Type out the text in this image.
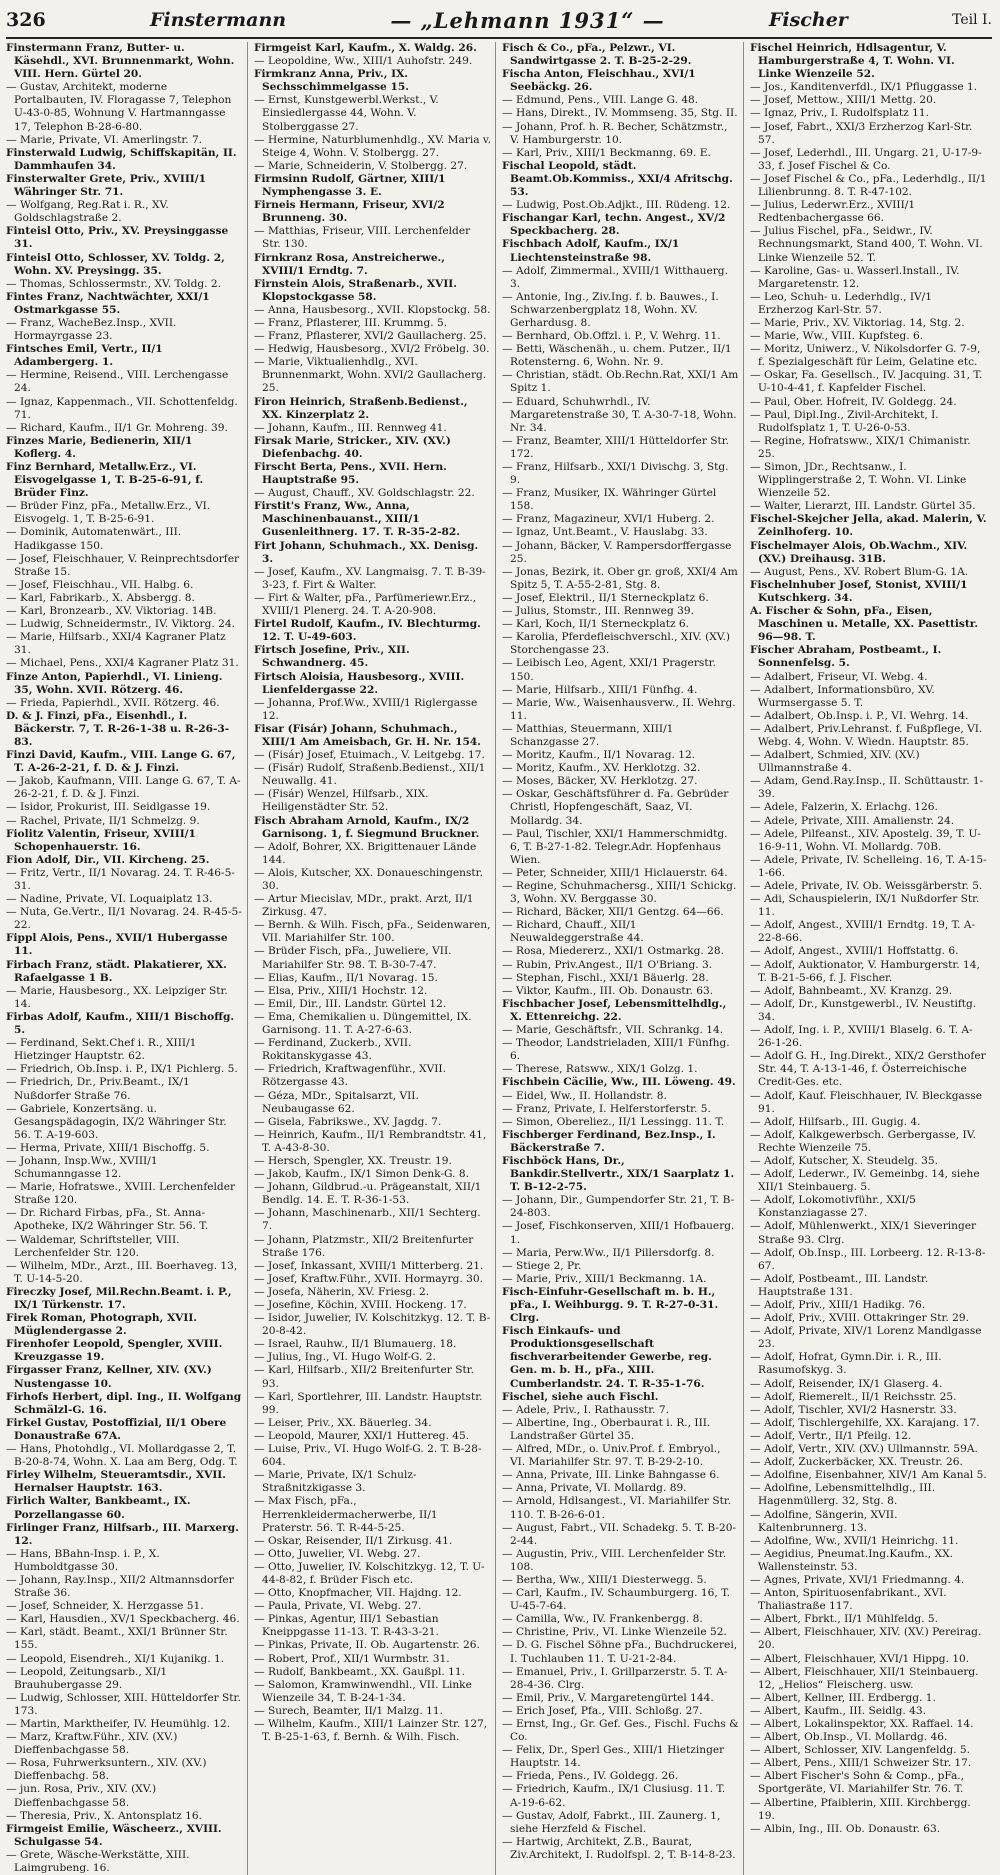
326	Finstermann	— „Lehmann 1931“ —	Fischer	Teil I.

Finstermann Franz, Butter- u. Käsehdl., XVI. Brunnenmarkt, Wohn. VIII. Hern. Gürtel 20.

— Gustav, Architekt, moderne Portalbauten, IV. Floragasse 7, Telephon U-43-0-85, Wohnung V. Hartmanngasse 17, Telephon B-28-6-80.

— Marie, Private, VI. Amerlingstr. 7.

Finsterwald Ludwig, Schiffskapitän, II. Dammhaufen 34.

Finsterwalter Grete, Priv., XVIII/1 Währinger Str. 71.

— Wolfgang, Reg.Rat i. R., XV. Goldschlagstraße 2.

Finteisl Otto, Priv., XV. Preysinggasse 31.

Finteisl Otto, Schlosser, XV. Toldg. 2, Wohn. XV. Preysingg. 35.

— Thomas, Schlossermstr., XV. Toldg. 2.

Fintes Franz, Nachtwächter, XXI/1 Ostmarkgasse 55.

— Franz, WacheBez.Insp., XVII. Hormayrgasse 23.

Fintsches Emil, Vertr., II/1 Adambergerg. 1.

— Hermine, Reisend., VIII. Lerchengasse 24.

— Ignaz, Kappenmach., VII. Schottenfeldg. 71.

— Richard, Kaufm., II/1 Gr. Mohreng. 39.

Finzes Marie, Bedienerin, XII/1 Koflerg. 4.

Finz Bernhard, Metallw.Erz., VI. Eisvogelgasse 1, T. B-25-6-91, f. Brüder Finz.

— Brüder Finz, pFa., Metallw.Erz., VI. Eisvogelg. 1, T. B-25-6-91.

— Dominik, Automatenwärt., III. Hadikgasse 150.

— Josef, Fleischhauer, V. Reinprechtsdorfer Straße 15.

— Josef, Fleischhau., VII. Halbg. 6.

— Karl, Fabrikarb., X. Absbergg. 8.

— Karl, Bronzearb., XV. Viktoriag. 14B.

— Ludwig, Schneidermstr., IV. Viktorg. 24.

— Marie, Hilfsarb., XXI/4 Kagraner Platz 31.

— Michael, Pens., XXI/4 Kagraner Platz 31.

Finze Anton, Papierhdl., VI. Linieng. 35, Wohn. XVII. Rötzerg. 46.

— Frieda, Papierhdl., XVII. Rötzerg. 46.

D. & J. Finzi, pFa., Eisenhdl., I. Bäckerstr. 7, T. R-26-1-38 u. R-26-3-83.

Finzi David, Kaufm., VIII. Lange G. 67, T. A-26-2-21, f. D. & J. Finzi.

— Jakob, Kaufmann, VIII. Lange G. 67, T. A-26-2-21, f. D. & J. Finzi.

— Isidor, Prokurist, III. Seidlgasse 19.

— Rachel, Private, II/1 Schmelzg. 9.

Fiolitz Valentin, Friseur, XVIII/1 Schopenhauerstr. 16.

Fion Adolf, Dir., VII. Kircheng. 25.

— Fritz, Vertr., II/1 Novarag. 24. T. R-46-5-31.

— Nadine, Private, VI. Loquaiplatz 13.

— Nuta, Ge.Vertr., II/1 Novarag. 24. R-45-5-22.

Fippl Alois, Pens., XVII/1 Hubergasse 11.

Firbach Franz, städt. Plakatierer, XX. Rafaelgasse 1 B.

— Marie, Hausbesorg., XX. Leipziger Str. 14.

Firbas Adolf, Kaufm., XIII/1 Bischoffg. 5.

— Ferdinand, Sekt.Chef i. R., XIII/1 Hietzinger Hauptstr. 62.

— Friedrich, Ob.Insp. i. P., IX/1 Pichlerg. 5.

— Friedrich, Dr., Priv.Beamt., IX/1 Nußdorfer Straße 76.

— Gabriele, Konzertsäng. u. Gesangspädagogin, IX/2 Währinger Str. 56. T. A-19-603.

— Herma, Private, XIII/1 Bischoffg. 5.

— Johann, Insp.Ww., XVIII/1 Schumanngasse 12.

— Marie, Hofratswe., XVIII. Lerchenfelder Straße 120.

— Dr. Richard Firbas, pFa., St. Anna-Apotheke, IX/2 Währinger Str. 56. T.

— Waldemar, Schriftsteller, VIII. Lerchenfelder Str. 120.

— Wilhelm, MDr., Arzt., III. Boerhaveg. 13, T. U-14-5-20.

Fireczky Josef, Mil.Rechn.Beamt. i. P., IX/1 Türkenstr. 17.

Firek Roman, Photograph, XVII. Müglendergasse 2.

Firenhofer Leopold, Spengler, XVIII. Kreuzgasse 19.

Firgasser Franz, Kellner, XIV. (XV.) Nustengasse 10.

Firhofs Herbert, dipl. Ing., II. Wolfgang Schmälzl-G. 16.

Firkel Gustav, Postoffizial, II/1 Obere Donaustraße 67A.

— Hans, Photohdlg., VI. Mollardgasse 2, T. B-20-8-74, Wohn. X. Laa am Berg, Odg. T.

Firley Wilhelm, Steueramtsdir., XVII. Hernalser Hauptstr. 163.

Firlich Walter, Bankbeamt., IX. Porzellangasse 60.

Firlinger Franz, Hilfsarb., III. Marxerg. 12.

— Hans, BBahn-Insp. i. P., X. Humboldtgasse 30.

— Johann, Ray.Insp., XII/2 Altmannsdorfer Straße 36.

— Josef, Schneider, X. Herzgasse 51.

— Karl, Hausdien., XV/1 Speckbacherg. 46.

— Karl, städt. Beamt., XXI/1 Brünner Str. 155.

— Leopold, Eisendreh., XI/1 Kujanikg. 1.

— Leopold, Zeitungsarb., XI/1 Brauhubergasse 29.

— Ludwig, Schlosser, XIII. Hütteldorfer Str. 173.

— Martin, Marktheifer, IV. Heumühlg. 12.

— Marz, Kraftw.Führ., XIV. (XV.) Dieffenbachgasse 58.

— Rosa, Fuhrwerksuntern., XIV. (XV.) Dieffenbachg. 58.

— jun. Rosa, Priv., XIV. (XV.) Dieffenbachgasse 58.

— Theresia, Priv., X. Antonsplatz 16.

Firmgeist Emilie, Wäscheerz., XVIII. Schulgasse 54.

— Grete, Wäsche-Werkstätte, XIII. Laimgrubeng. 16.

Firmgeist Karl, Kaufm., X. Waldg. 26.

— Leopoldine, Ww., XIII/1 Auhofstr. 249.

Firmkranz Anna, Priv., IX. Sechsschimmelgasse 15.

— Ernst, Kunstgewerbl.Werkst., V. Einsiedlergasse 44, Wohn. V. Stolberggasse 27.

— Hermine, Naturblumenhdlg., XV. Maria v. Steige 4, Wohn. V. Stolbergg. 27.

— Marie, Schneiderin, V. Stolbergg. 27.

Firmsinn Rudolf, Gärtner, XIII/1 Nymphengasse 3. E.

Firneis Hermann, Friseur, XVI/2 Brunneng. 30.

— Matthias, Friseur, VIII. Lerchenfelder Str. 130.

Firnkranz Rosa, Anstreicherwe., XVIII/1 Erndtg. 7.

Firnstein Alois, Straßenarb., XVII. Klopstockgasse 58.

— Anna, Hausbesorg., XVII. Klopstockg. 58.

— Franz, Pflasterer, III. Krummg. 5.

— Franz, Pflasterer, XVI/2 Gaullacherg. 25.

— Hedwig, Hausbesorg., XVI/2 Fröbelg. 30.

— Marie, Viktualienhdlg., XVI. Brunnenmarkt, Wohn. XVI/2 Gaullacherg. 25.

Firon Heinrich, Straßenb.Bedienst., XX. Kinzerplatz 2.

— Johann, Kaufm., III. Rennweg 41.

Firsak Marie, Stricker., XIV. (XV.) Diefenbachg. 40.

Firscht Berta, Pens., XVII. Hern. Hauptstraße 95.

— August, Chauff., XV. Goldschlagstr. 22.

Firstit's Franz, Ww., Anna, Maschinenbauanst., XIII/1 Gusenleithnerg. 17. T. R-35-2-82.

Firt Johann, Schuhmach., XX. Denisg. 3.

— Josef, Kaufm., XV. Langmaisg. 7. T. B-39-3-23, f. Firt & Walter.

— Firt & Walter, pFa., Parfümeriewr.Erz., XVIII/1 Plenerg. 24. T. A-20-908.

Firtel Rudolf, Kaufm., IV. Blechturmg. 12. T. U-49-603.

Firtsch Josefine, Priv., XII. Schwandnerg. 45.

Firtsch Aloisia, Hausbesorg., XVIII. Lienfeldergasse 22.

— Johanna, Prof.Ww., XVIII/1 Riglergasse 12.

Fisar (Fisár) Johann, Schuhmach., XIII/1 Am Ameisbach, Gr. H. Nr. 154.

— (Fisár) Josef, Etuimach., V. Leitgebg. 17.

— (Fisár) Rudolf, Straßenb.Bedienst., XII/1 Neuwallg. 41.

— (Fisár) Wenzel, Hilfsarb., XIX. Heiligenstädter Str. 52.

Fisch Abraham Arnold, Kaufm., IX/2 Garnisong. 1, f. Siegmund Bruckner.

— Adolf, Bohrer, XX. Brigittenauer Lände 144.

— Alois, Kutscher, XX. Donaueschingenstr. 30.

— Artur Miecislav, MDr., prakt. Arzt, II/1 Zirkusg. 47.

— Bernh. & Wilh. Fisch, pFa., Seidenwaren, VII. Mariahilfer Str. 100.

— Brüder Fisch, pFa., Juweliere, VII. Mariahilfer Str. 98. T. B-30-7-47.

— Elias, Kaufm., II/1 Novarag. 15.

— Elsa, Priv., XIII/1 Hochstr. 12.

— Emil, Dir., III. Landstr. Gürtel 12.

— Ema, Chemikalien u. Düngemittel, IX. Garnisong. 11. T. A-27-6-63.

— Ferdinand, Zuckerb., XVII. Rokitanskygasse 43.

— Friedrich, Kraftwagenführ., XVII. Rötzergasse 43.

— Géza, MDr., Spitalsarzt, VII. Neubaugasse 62.

— Gisela, Fabrikswe., XV. Jagdg. 7.

— Heinrich, Kaufm., II/1 Rembrandtstr. 41, T. A-43-8-30.

— Hersch, Spengler, XX. Treustr. 19.

— Jakob, Kaufm., IX/1 Simon Denk-G. 8.

— Johann, Gildbrud.-u. Prägeanstalt, XII/1 Bendlg. 14. E. T. R-36-1-53.

— Johann, Maschinenarb., XII/1 Sechterg. 7.

— Johann, Platzmstr., XII/2 Breitenfurter Straße 176.

— Josef, Inkassant, XVIII/1 Mitterberg. 21.

— Josef, Kraftw.Führ., XVII. Hormayrg. 30.

— Josefa, Näherin, XV. Friesg. 2.

— Josefine, Köchin, XVIII. Hockeng. 17.

— Isidor, Juwelier, IV. Kolschitzkyg. 12. T. B-20-8-42.

— Israel, Rauhw., II/1 Blumauerg. 18.

— Julius, Ing., VI. Hugo Wolf-G. 2.

— Karl, Hilfsarb., XII/2 Breitenfurter Str. 93.

— Karl, Sportlehrer, III. Landstr. Hauptstr. 99.

— Leiser, Priv., XX. Bäuerleg. 34.

— Leopold, Maurer, XXI/1 Huttereg. 45.

— Luise, Priv., VI. Hugo Wolf-G. 2. T. B-28-604.

— Marie, Private, IX/1 Schulz-Straßnitzkigasse 3.

— Max Fisch, pFa., Herrenkleidermacherwerbe, II/1 Praterstr. 56. T. R-44-5-25.

— Oskar, Reisender, II/1 Zirkusg. 41.

— Otto, Juwelier, VI. Webg. 27.

— Otto, Juwelier, IV. Kolschitzkyg. 12, T. U-44-8-82, f. Brüder Fisch etc.

— Otto, Knopfmacher, VII. Hajdng. 12.

— Paula, Private, VI. Webg. 27.

— Pinkas, Agentur, III/1 Sebastian Kneippgasse 11-13. T. R-43-3-21.

— Pinkas, Private, II. Ob. Augartenstr. 26.

— Robert, Prof., XII/1 Wurmbstr. 31.

— Rudolf, Bankbeamt., XX. Gaußpl. 11.

— Salomon, Kramwinwendhl., VII. Linke Wienzeile 34, T. B-24-1-34.

— Surech, Beamter, II/1 Malzg. 11.

— Wilhelm, Kaufm., XIII/1 Lainzer Str. 127, T. B-25-1-63, f. Bernh. & Wilh. Fisch.

Fisch & Co., pFa., Pelzwr., VI. Sandwirtgasse 2. T. B-25-2-29.

Fischa Anton, Fleischhau., XVI/1 Seebäckg. 26.

— Edmund, Pens., VIII. Lange G. 48.

— Hans, Direkt., IV. Mommseng. 35, Stg. II.

— Johann, Prof. h. R. Becher, Schätzmstr., V. Hamburgerstr. 10.

— Karl, Priv., XIII/1 Beckmanng. 69. E.

Fischal Leopold, städt. Beamt.Ob.Kommiss., XXI/4 Afritschg. 53.

— Ludwig, Post.Ob.Adjkt., III. Rüdeng. 12.

Fischangar Karl, techn. Angest., XV/2 Speckbacherg. 28.

Fischbach Adolf, Kaufm., IX/1 Liechtensteinstraße 98.

— Adolf, Zimmermal., XVIII/1 Witthauerg. 3.

— Antonie, Ing., Ziv.Ing. f. b. Bauwes., I. Schwarzenbergplatz 18, Wohn. XV. Gerhardusg. 8.

— Bernhard, Ob.Offzl. i. P., V. Wehrg. 11.

— Betti, Wäschenäh., u. chem. Putzer., II/1 Rotensterng. 6, Wohn. Nr. 9.

— Christian, städt. Ob.Rechn.Rat, XXI/1 Am Spitz 1.

— Eduard, Schuhwrhdl., IV. Margaretenstraße 30, T. A-30-7-18, Wohn. Nr. 34.

— Franz, Beamter, XIII/1 Hütteldorfer Str. 172.

— Franz, Hilfsarb., XXI/1 Divischg. 3, Stg. 9.

— Franz, Musiker, IX. Währinger Gürtel 158.

— Franz, Magazineur, XVI/1 Huberg. 2.

— Ignaz, Unt.Beamt., V. Hauslabg. 33.

— Johann, Bäcker, V. Rampersdorffergasse 25.

— Jonas, Bezirk, it. Ober gr. groß, XXI/4 Am Spitz 5, T. A-55-2-81, Stg. 8.

— Josef, Elektril., II/1 Sterneckplatz 6.

— Julius, Stomstr., III. Rennweg 39.

— Karl, Koch, II/1 Sterneckplatz 6.

— Karolia, Pferdefleischverschl., XIV. (XV.) Storchengasse 23.

— Leibisch Leo, Agent, XXI/1 Pragerstr. 150.

— Marie, Hilfsarb., XIII/1 Fünfhg. 4.

— Marie, Ww., Waisenhausverw., II. Wehrg. 11.

— Matthias, Steuermann, XIII/1 Schanzgasse 27.

— Moritz, Kaufm., II/1 Novarag. 12.

— Moritz, Kaufm., XV. Herklotzg. 32.

— Moses, Bäcker, XV. Herklotzg. 27.

— Oskar, Geschäftsführer d. Fa. Gebrüder Christl, Hopfengeschäft, Saaz, VI. Mollardg. 34.

— Paul, Tischler, XXI/1 Hammerschmidtg. 6, T. B-27-1-82. Telegr.Adr. Hopfenhaus Wien.

— Peter, Schneider, XIII/1 Hiclauerstr. 64.

— Regine, Schuhmachersg., XIII/1 Schickg. 3, Wohn. XV. Berggasse 30.

— Richard, Bäcker, XII/1 Gentzg. 64—66.

— Richard, Chauff., XII/1 Neuwaldeggerstraße 44.

— Rosa, Miedererz., XXI/1 Ostmarkg. 28.

— Rubin, Priv.Angest., II/1 O'Briang. 3.

— Stephan, Fischl., XXI/1 Bäuerlg. 28.

— Viktor, Kaufm., III. Ob. Donaustr. 63.

Fischbacher Josef, Lebensmittelhdlg., X. Ettenreichg. 22.

— Marie, Geschäftsfr., VII. Schrankg. 14.

— Theodor, Landstrieladen, XIII/1 Fünfhg. 6.

— Therese, Ratsww., XIX/1 Golzg. 1.

Fischbein Cäcilie, Ww., III. Löweng. 49.

— Eidel, Ww., II. Hollandstr. 8.

— Franz, Private, I. Helferstorferstr. 5.

— Simon, Obereliez., II/1 Lessingg. 11. T.

Fischberger Ferdinand, Bez.Insp., I. Bäckerstraße 7.

Fischböck Hans, Dr., Bankdir.Stellvertr., XIX/1 Saarplatz 1. T. B-12-2-75.

— Johann, Dir., Gumpendorfer Str. 21, T. B-24-803.

— Josef, Fischkonserven, XIII/1 Hofbauerg. 1.

— Maria, Perw.Ww., II/1 Pillersdorfg. 8.

— Stiege 2, Pr.

— Marie, Priv., XIII/1 Beckmanng. 1A.

Fisch-Einfuhr-Gesellschaft m. b. H., pFa., I. Weihburgg. 9. T. R-27-0-31. Clrg.

Fisch Einkaufs- und Produktionsgesellschaft fischverarbeitender Gewerbe, reg. Gen. m. b. H., pFa., XIII. Cumberlandstr. 24. T. R-35-1-76.

Fischel, siehe auch Fischl.

— Adele, Priv., I. Rathausstr. 7.

— Albertine, Ing., Oberbaurat i. R., III. Landstraßer Gürtel 35.

— Alfred, MDr., o. Univ.Prof. f. Embryol., VI. Mariahilfer Str. 97. T. B-29-2-10.

— Anna, Private, III. Linke Bahngasse 6.

— Anna, Private, VI. Mollardg. 89.

— Arnold, Hdlsangest., VI. Mariahilfer Str. 110. T. B-26-6-01.

— August, Fabrt., VII. Schadekg. 5. T. B-20-2-44.

— Augustin, Priv., VIII. Lerchenfelder Str. 108.

— Bertha, Ww., XIII/1 Diesterwegg. 5.

— Carl, Kaufm., IV. Schaumburgerg. 16, T. U-45-7-64.

— Camilla, Ww., IV. Frankenbergg. 8.

— Christine, Priv., VI. Linke Wienzeile 52.

— D. G. Fischel Söhne pFa., Buchdruckerei, I. Tuchlauben 11. T. U-21-2-84.

— Emanuel, Priv., I. Grillparzerstr. 5. T. A-28-4-36. Clrg.

— Emil, Priv., V. Margaretengürtel 144.

— Erich Josef, Pfa., VIII. Schloßg. 27.

— Ernst, Ing., Gr. Gef. Ges., Fischl. Fuchs & Co.

— Felix, Dr., Sperl Ges., XIII/1 Hietzinger Hauptstr. 14.

— Frieda, Pens., IV. Goldegg. 26.

— Friedrich, Kaufm., IX/1 Clusiusg. 11. T. A-19-6-62.

— Gustav, Adolf, Fabrkt., III. Zaunerg. 1, siehe Herzfeld & Fischel.

— Hartwig, Architekt, Z.B., Baurat, Ziv.Architekt, I. Rudolfspl. 2, T. B-14-8-23.

Fischel Heinrich, Hdlsagentur, V. Hamburgerstraße 4, T. Wohn. VI. Linke Wienzeile 52.

— Jos., Kanditenverfdl., IX/1 Pfluggasse 1.

— Josef, Mettow., XIII/1 Mettg. 20.

— Ignaz, Priv., I. Rudolfsplatz 11.

— Josef, Fabrt., XXI/3 Erzherzog Karl-Str. 57.

— Josef, Lederhdl., III. Ungarg. 21, U-17-9-33, f. Josef Fischel & Co.

— Josef Fischel & Co., pFa., Lederhdlg., II/1 Lilienbrunng. 8. T. R-47-102.

— Julius, Lederwr.Erz., XVIII/1 Redtenbachergasse 66.

— Julius Fischel, pFa., Seidwr., IV. Rechnungsmarkt, Stand 400, T. Wohn. VI. Linke Wienzeile 52. T.

— Karoline, Gas- u. Wasserl.Install., IV. Margaretenstr. 12.

— Leo, Schuh- u. Lederhdlg., IV/1 Erzherzog Karl-Str. 57.

— Marie, Priv., XV. Viktoriag. 14, Stg. 2.

— Marie, Ww., VIII. Kupfsteg. 6.

— Moritz, Uniwerz., V. Nikolsdorfer G. 7-9, f. Spezialgeschäft für Leim, Gelatine etc.

— Oskar, Fa. Gesellsch., IV. Jacquing. 31, T. U-10-4-41, f. Kapfelder Fischel.

— Paul, Ober. Hofreit, IV. Goldegg. 24.

— Paul, Dipl.Ing., Zivil-Architekt, I. Rudolfsplatz 1, T. U-26-0-53.

— Regine, Hofratsww., XIX/1 Chimanistr. 25.

— Simon, JDr., Rechtsanw., I. Wipplingerstraße 2, T. Wohn. VI. Linke Wienzeile 52.

— Walter, Lierarzt, III. Landstr. Gürtel 35.

Fischel-Skejcher Jella, akad. Malerin, V. Zeinlhoferg. 10.

Fischelmayer Alois, Ob.Wachm., XIV. (XV.) Dreihausg. 31B.

— August, Pens., XV. Robert Blum-G. 1A.

Fischelnhuber Josef, Stonist, XVIII/1 Kutschkerg. 34.

A. Fischer & Sohn, pFa., Eisen, Maschinen u. Metalle, XX. Pasettistr. 96—98. T.

Fischer Abraham, Postbeamt., I. Sonnenfelsg. 5.

— Adalbert, Friseur, VI. Webg. 4.

— Adalbert, Informationsbüro, XV. Wurmsergasse 5. T.

— Adalbert, Ob.Insp. i. P., VI. Wehrg. 14.

— Adalbert, Priv.Lehranst. f. Fußpflege, VI. Webg. 4, Wohn. V. Wiedn. Hauptstr. 85.

— Adalbert, Schmied, XIV. (XV.) Ullmannstraße 4.

— Adam, Gend.Ray.Insp., II. Schüttaustr. 1-39.

— Adele, Falzerin, X. Erlachg. 126.

— Adele, Private, XIII. Amalienstr. 24.

— Adele, Pilfeanst., XIV. Apostelg. 39, T. U-16-9-11, Wohn. VI. Mollardg. 70B.

— Adele, Private, IV. Schelleing. 16, T. A-15-1-66.

— Adele, Private, IV. Ob. Weissgärberstr. 5.

— Adi, Schauspielerin, IX/1 Nußdorfer Str. 11.

— Adolf, Angest., XVIII/1 Erndtg. 19, T. A-22-8-66.

— Adolf, Angest., XVIII/1 Hoffstattg. 6.

— Adolf, Auktionator, V. Hamburgerstr. 14, T. B-21-5-66, f. J. Fischer.

— Adolf, Bahnbeamt., XV. Kranzg. 29.

— Adolf, Dr., Kunstgewerbl., IV. Neustiftg. 34.

— Adolf, Ing. i. P., XVIII/1 Blaselg. 6. T. A-26-1-26.

— Adolf G. H., Ing.Direkt., XIX/2 Gersthofer Str. 44, T. A-13-1-46, f. Österreichische Credit-Ges. etc.

— Adolf, Kauf. Fleischhauer, IV. Bleckgasse 91.

— Adolf, Hilfsarb., III. Gugig. 4.

— Adolf, Kalkgewerbsch. Gerbergasse, IV. Rechte Wienzeile 75.

— Adolf, Kutscher, X. Steudelg. 35.

— Adolf, Lederwr., IV. Gemeinbg. 14, siehe XII/1 Steinbauerg. 5.

— Adolf, Lokomotivführ., XXI/5 Konstanziagasse 27.

— Adolf, Mühlenwerkt., XIX/1 Sieveringer Straße 93. Clrg.

— Adolf, Ob.Insp., III. Lorbeerg. 12. R-13-8-67.

— Adolf, Postbeamt., III. Landstr. Hauptstraße 131.

— Adolf, Priv., XIII/1 Hadikg. 76.

— Adolf, Priv., XVIII. Ottakringer Str. 29.

— Adolf, Private, XIV/1 Lorenz Mandlgasse 23.

— Adolf, Hofrat, Gymn.Dir. i. R., III. Rasumofskyg. 3.

— Adolf, Reisender, IX/1 Glaserg. 4.

— Adolf, Riemerelt., II/1 Reichsstr. 25.

— Adolf, Tischler, XVI/2 Hasnerstr. 33.

— Adolf, Tischlergehilfe, XX. Karajang. 17.

— Adolf, Vertr., II/1 Pfeilg. 12.

— Adolf, Vertr., XIV. (XV.) Ullmannstr. 59A.

— Adolf, Zuckerbäcker, XX. Treustr. 26.

— Adolfine, Eisenbahner, XIV/1 Am Kanal 5.

— Adolfine, Lebensmittelhdlg., III. Hagenmüllerg. 32, Stg. 8.

— Adolfine, Sängerin, XVII. Kaltenbrunnerg. 13.

— Adolfine, Ww., XVII/1 Heinrichg. 11.

— Aegidius, Pneumat.Ing.Kaufm., XX. Wallensteinstr. 53.

— Agnes, Private, XVI/1 Friedmanng. 4.

— Anton, Spirituosenfabrikant., XVI. Thaliastraße 117.

— Albert, Fbrkt., II/1 Mühlfeldg. 5.

— Albert, Fleischhauer, XIV. (XV.) Pereirag. 20.

— Albert, Fleischhauer, XVI/1 Hippg. 10.

— Albert, Fleischhauer, XII/1 Steinbauerg. 12, „Helios“ Fleischerg. usw.

— Albert, Kellner, III. Erdbergg. 1.

— Albert, Kaufm., III. Seidlg. 43.

— Albert, Lokalinspektor, XX. Raffael. 14.

— Albert, Ob.Insp., VI. Mollardg. 46.

— Albert, Schlosser, XIV. Langenfeldg. 5.

— Albert, Pens., XIII/1 Schweizer Str. 17.

— Albert Fischer's Sohn & Comp., pFa., Sportgeräte, VI. Mariahilfer Str. 76. T.

— Albertine, Pfaiblerin, XIII. Kirchbergg. 19.

— Albin, Ing., III. Ob. Donaustr. 63.
